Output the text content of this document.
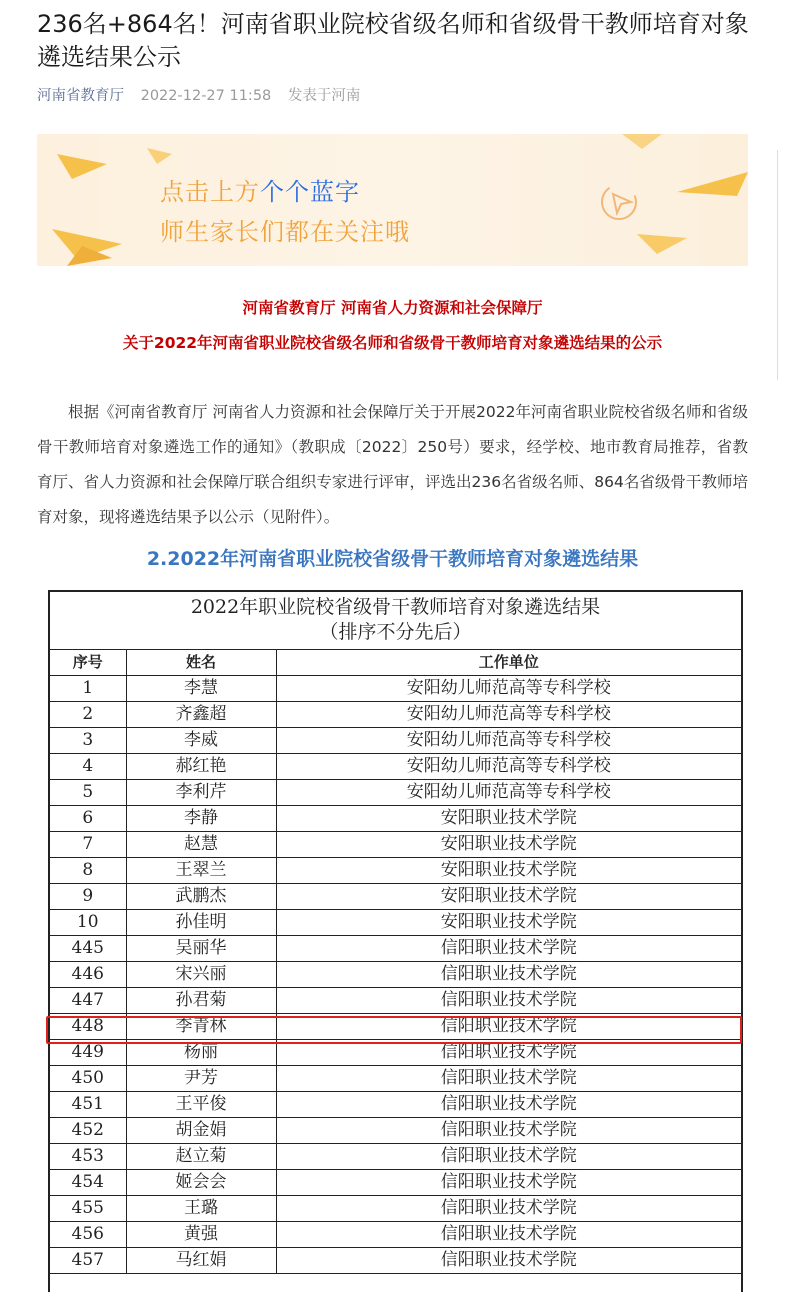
236名+864名！河南省职业院校省级名师和省级骨干教师培育对象遴选结果公示
河南省教育厅 2022-12-27 11:58 发表于河南
点击上方个个蓝字
师生家长们都在关注哦
河南省教育厅 河南省人力资源和社会保障厅
关于2022年河南省职业院校省级名师和省级骨干教师培育对象遴选结果的公示
根据《河南省教育厅 河南省人力资源和社会保障厅关于开展2022年河南省职业院校省级名师和省级骨干教师培育对象遴选工作的通知》（教职成〔2022〕250号）要求，经学校、地市教育局推荐，省教育厅、省人力资源和社会保障厅联合组织专家进行评审，评选出236名省级名师、864名省级骨干教师培育对象，现将遴选结果予以公示（见附件）。
2.2022年河南省职业院校省级骨干教师培育对象遴选结果
2022年职业院校省级骨干教师培育对象遴选结果
（排序不分先后）
序号	姓名	工作单位
1	李慧	安阳幼儿师范高等专科学校
2	齐鑫超	安阳幼儿师范高等专科学校
3	李威	安阳幼儿师范高等专科学校
4	郝红艳	安阳幼儿师范高等专科学校
5	李利芹	安阳幼儿师范高等专科学校
6	李静	安阳职业技术学院
7	赵慧	安阳职业技术学院
8	王翠兰	安阳职业技术学院
9	武鹏杰	安阳职业技术学院
10	孙佳明	安阳职业技术学院
445	吴丽华	信阳职业技术学院
446	宋兴丽	信阳职业技术学院
447	孙君菊	信阳职业技术学院
448	李青林	信阳职业技术学院
449	杨丽	信阳职业技术学院
450	尹芳	信阳职业技术学院
451	王平俊	信阳职业技术学院
452	胡金娟	信阳职业技术学院
453	赵立菊	信阳职业技术学院
454	姬会会	信阳职业技术学院
455	王璐	信阳职业技术学院
456	黄强	信阳职业技术学院
457	马红娟	信阳职业技术学院
